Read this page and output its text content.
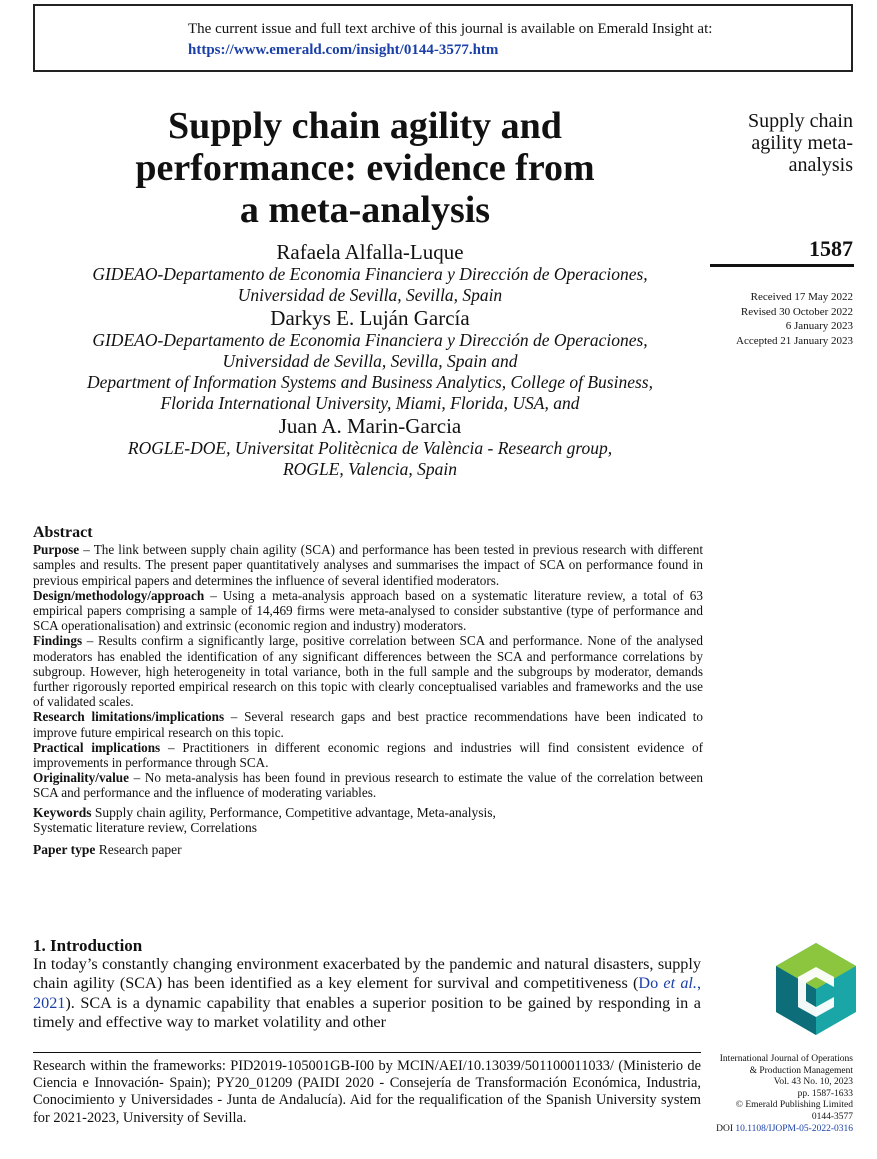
The current issue and full text archive of this journal is available on Emerald Insight at:
https://www.emerald.com/insight/0144-3577.htm
Supply chain agility and
performance: evidence from
a meta-analysis
Supply chain
agility meta-
analysis
1587
Received 17 May 2022
Revised 30 October 2022
6 January 2023
Accepted 21 January 2023
Rafaela Alfalla-Luque
GIDEAO-Departamento de Economia Financiera y Dirección de Operaciones,
Universidad de Sevilla, Sevilla, Spain
Darkys E. Luján García
GIDEAO-Departamento de Economia Financiera y Dirección de Operaciones,
Universidad de Sevilla, Sevilla, Spain and
Department of Information Systems and Business Analytics, College of Business,
Florida International University, Miami, Florida, USA, and
Juan A. Marin-Garcia
ROGLE-DOE, Universitat Politècnica de València - Research group,
ROGLE, Valencia, Spain
Abstract

Purpose – The link between supply chain agility (SCA) and performance has been tested in previous research with different samples and results. The present paper quantitatively analyses and summarises the impact of SCA on performance found in previous empirical papers and determines the influence of several identified moderators.

Design/methodology/approach – Using a meta-analysis approach based on a systematic literature review, a total of 63 empirical papers comprising a sample of 14,469 firms were meta-analysed to consider substantive (type of performance and SCA operationalisation) and extrinsic (economic region and industry) moderators.

Findings – Results confirm a significantly large, positive correlation between SCA and performance. None of the analysed moderators has enabled the identification of any significant differences between the SCA and performance correlations by subgroup. However, high heterogeneity in total variance, both in the full sample and the subgroups by moderator, demands further rigorously reported empirical research on this topic with clearly conceptualised variables and frameworks and the use of validated scales.

Research limitations/implications – Several research gaps and best practice recommendations have been indicated to improve future empirical research on this topic.

Practical implications – Practitioners in different economic regions and industries will find consistent evidence of improvements in performance through SCA.

Originality/value – No meta-analysis has been found in previous research to estimate the value of the correlation between SCA and performance and the influence of moderating variables.

Keywords Supply chain agility, Performance, Competitive advantage, Meta-analysis,
Systematic literature review, Correlations
Paper type Research paper
1. Introduction

In today’s constantly changing environment exacerbated by the pandemic and natural disasters, supply chain agility (SCA) has been identified as a key element for survival and competitiveness (Do et al., 2021). SCA is a dynamic capability that enables a superior position to be gained by responding in a timely and effective way to market volatility and other

Research within the frameworks: PID2019-105001GB-I00 by MCIN/AEI/10.13039/501100011033/ (Ministerio de Ciencia e Innovación- Spain); PY20_01209 (PAIDI 2020 - Consejería de Transformación Económica, Industria, Conocimiento y Universidades - Junta de Andalucía). Aid for the requalification of the Spanish University system for 2021-2023, University of Sevilla.
International Journal of Operations
& Production Management
Vol. 43 No. 10, 2023
pp. 1587-1633
© Emerald Publishing Limited
0144-3577
DOI 10.1108/IJOPM-05-2022-0316
